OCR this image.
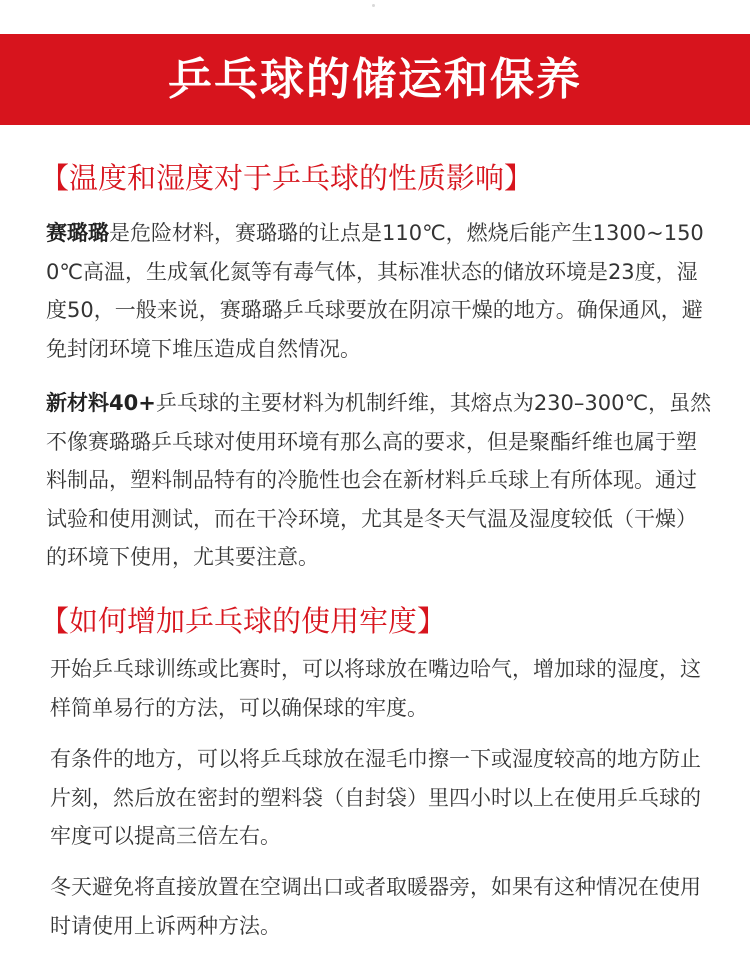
乒乓球的储运和保养
【温度和湿度对于乒乓球的性质影响】
赛璐璐是危险材料，赛璐璐的让点是110℃，燃烧后能产生1300~1500℃高温，生成氧化氮等有毒气体，其标准状态的储放环境是23度，湿度50，一般来说，赛璐璐乒乓球要放在阴凉干燥的地方。确保通风，避免封闭环境下堆压造成自然情况。
新材料40+乒乓球的主要材料为机制纤维，其熔点为230–300℃，虽然不像赛璐璐乒乓球对使用环境有那么高的要求，但是聚酯纤维也属于塑料制品，塑料制品特有的冷脆性也会在新材料乒乓球上有所体现。通过试验和使用测试，而在干冷环境，尤其是冬天气温及湿度较低（干燥）的环境下使用，尤其要注意。
【如何增加乒乓球的使用牢度】
开始乒乓球训练或比赛时，可以将球放在嘴边哈气，增加球的湿度，这样简单易行的方法，可以确保球的牢度。
有条件的地方，可以将乒乓球放在湿毛巾擦一下或湿度较高的地方防止片刻，然后放在密封的塑料袋（自封袋）里四小时以上在使用乒乓球的牢度可以提高三倍左右。
冬天避免将直接放置在空调出口或者取暖器旁，如果有这种情况在使用时请使用上诉两种方法。
